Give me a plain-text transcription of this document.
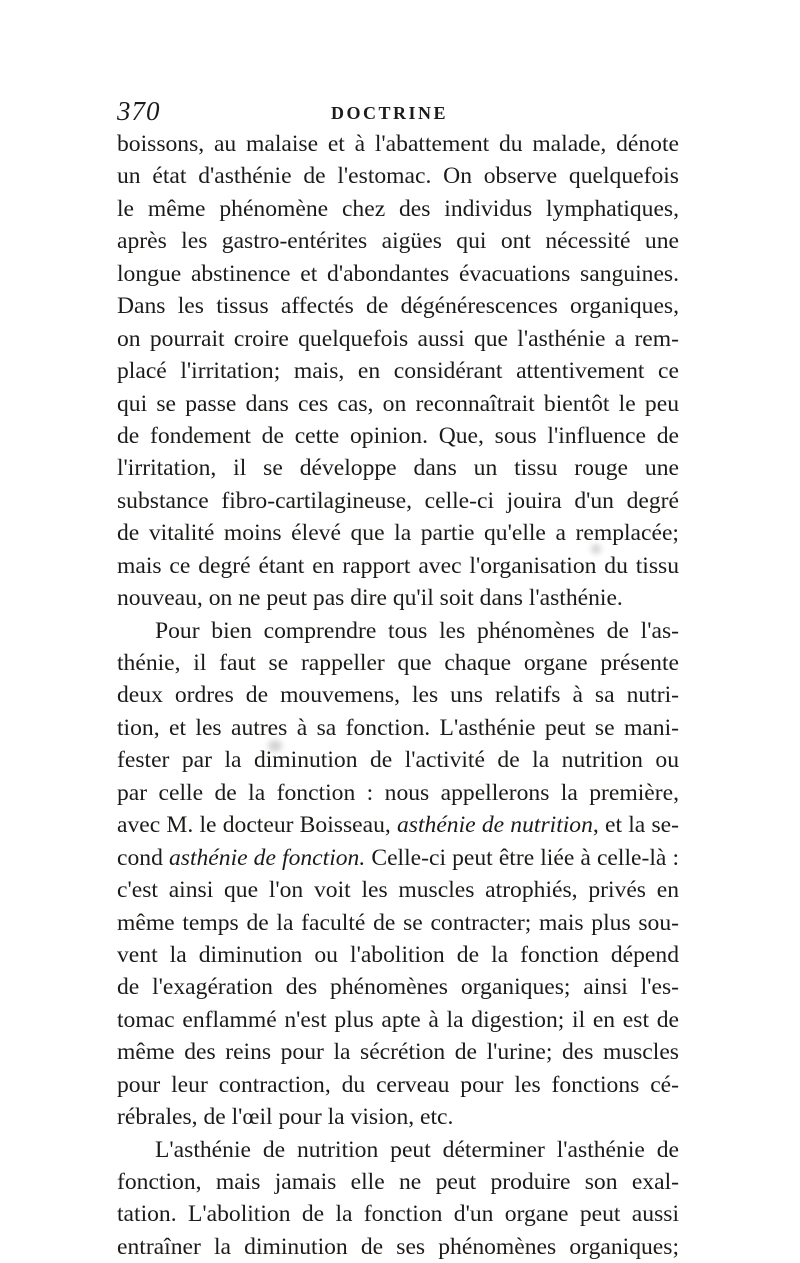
370	DOCTRINE
boissons, au malaise et à l'abattement du malade, dénote
un état d'asthénie de l'estomac. On observe quelquefois
le même phénomène chez des individus lymphatiques,
après les gastro-entérites aigües qui ont nécessité une
longue abstinence et d'abondantes évacuations sanguines.
Dans les tissus affectés de dégénérescences organiques,
on pourrait croire quelquefois aussi que l'asthénie a rem-
placé l'irritation; mais, en considérant attentivement ce
qui se passe dans ces cas, on reconnaîtrait bientôt le peu
de fondement de cette opinion. Que, sous l'influence de
l'irritation, il se développe dans un tissu rouge une
substance fibro-cartilagineuse, celle-ci jouira d'un degré
de vitalité moins élevé que la partie qu'elle a remplacée;
mais ce degré étant en rapport avec l'organisation du tissu
nouveau, on ne peut pas dire qu'il soit dans l'asthénie.
Pour bien comprendre tous les phénomènes de l'as-
thénie, il faut se rappeller que chaque organe présente
deux ordres de mouvemens, les uns relatifs à sa nutri-
tion, et les autres à sa fonction. L'asthénie peut se mani-
fester par la diminution de l'activité de la nutrition ou
par celle de la fonction : nous appellerons la première,
avec M. le docteur Boisseau, asthénie de nutrition, et la se-
cond asthénie de fonction. Celle-ci peut être liée à celle-là :
c'est ainsi que l'on voit les muscles atrophiés, privés en
même temps de la faculté de se contracter; mais plus sou-
vent la diminution ou l'abolition de la fonction dépend
de l'exagération des phénomènes organiques; ainsi l'es-
tomac enflammé n'est plus apte à la digestion; il en est de
même des reins pour la sécrétion de l'urine; des muscles
pour leur contraction, du cerveau pour les fonctions cé-
rébrales, de l'œil pour la vision, etc.
L'asthénie de nutrition peut déterminer l'asthénie de
fonction, mais jamais elle ne peut produire son exal-
tation. L'abolition de la fonction d'un organe peut aussi
entraîner la diminution de ses phénomènes organiques;
